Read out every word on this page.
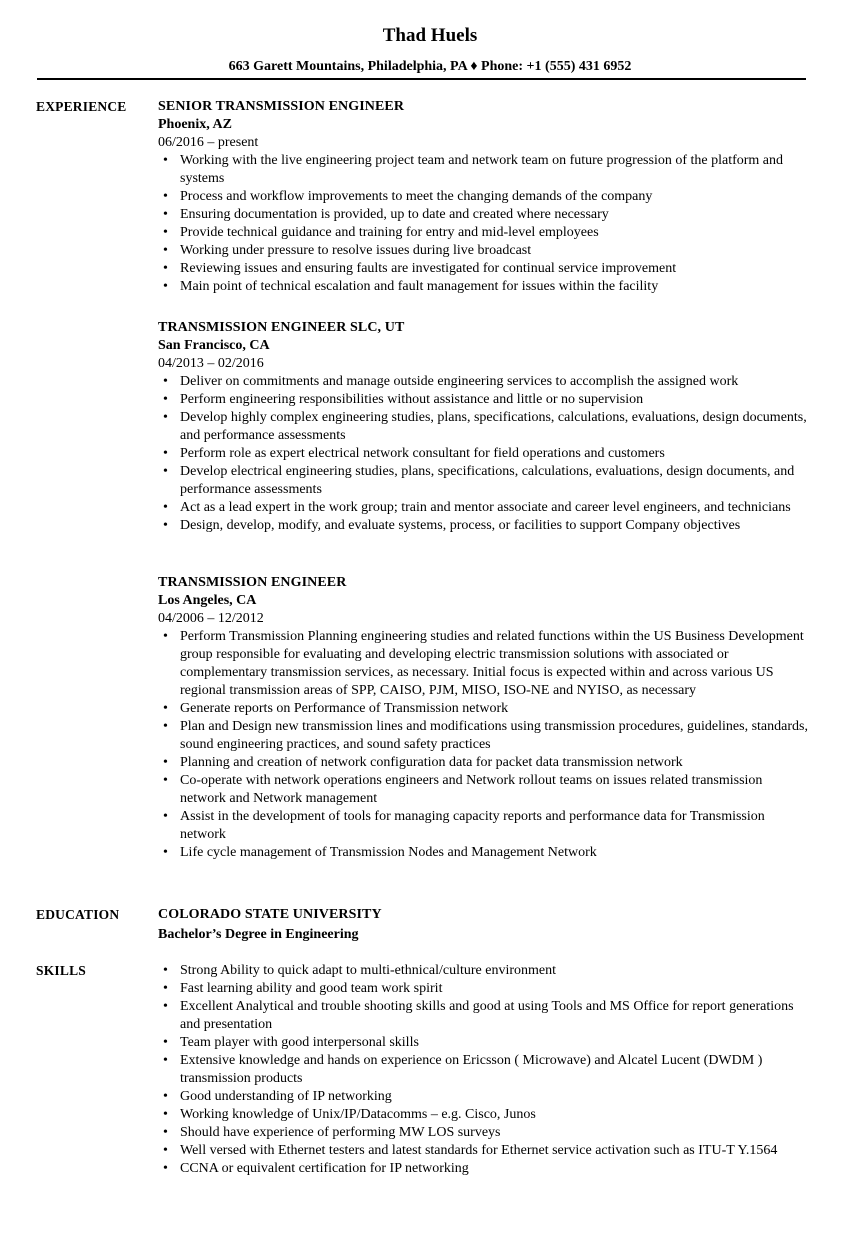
Thad Huels
663 Garett Mountains, Philadelphia, PA ♦ Phone: +1 (555) 431 6952
EXPERIENCE SENIOR TRANSMISSION ENGINEER
Phoenix, AZ
06/2016 – present
• Working with the live engineering project team and network team on future progression of the platform and systems
• Process and workflow improvements to meet the changing demands of the company
• Ensuring documentation is provided, up to date and created where necessary
• Provide technical guidance and training for entry and mid-level employees
• Working under pressure to resolve issues during live broadcast
• Reviewing issues and ensuring faults are investigated for continual service improvement
• Main point of technical escalation and fault management for issues within the facility
TRANSMISSION ENGINEER SLC, UT
San Francisco, CA
04/2013 – 02/2016
• Deliver on commitments and manage outside engineering services to accomplish the assigned work
• Perform engineering responsibilities without assistance and little or no supervision
• Develop highly complex engineering studies, plans, specifications, calculations, evaluations, design documents, and performance assessments
• Perform role as expert electrical network consultant for field operations and customers
• Develop electrical engineering studies, plans, specifications, calculations, evaluations, design documents, and performance assessments
• Act as a lead expert in the work group; train and mentor associate and career level engineers, and technicians
• Design, develop, modify, and evaluate systems, process, or facilities to support Company objectives
TRANSMISSION ENGINEER
Los Angeles, CA
04/2006 – 12/2012
• Perform Transmission Planning engineering studies and related functions within the US Business Development group responsible for evaluating and developing electric transmission solutions with associated or complementary transmission services, as necessary. Initial focus is expected within and across various US regional transmission areas of SPP, CAISO, PJM, MISO, ISO-NE and NYISO, as necessary
• Generate reports on Performance of Transmission network
• Plan and Design new transmission lines and modifications using transmission procedures, guidelines, standards, sound engineering practices, and sound safety practices
• Planning and creation of network configuration data for packet data transmission network
• Co-operate with network operations engineers and Network rollout teams on issues related transmission network and Network management
• Assist in the development of tools for managing capacity reports and performance data for Transmission network
• Life cycle management of Transmission Nodes and Management Network
EDUCATION	COLORADO STATE UNIVERSITY
Bachelor’s Degree in Engineering
SKILLS	• Strong Ability to quick adapt to multi-ethnical/culture environment
• Fast learning ability and good team work spirit
• Excellent Analytical and trouble shooting skills and good at using Tools and MS Office for report generations and presentation
• Team player with good interpersonal skills
• Extensive knowledge and hands on experience on Ericsson ( Microwave) and Alcatel Lucent (DWDM ) transmission products
• Good understanding of IP networking
• Working knowledge of Unix/IP/Datacomms – e.g. Cisco, Junos
• Should have experience of performing MW LOS surveys
• Well versed with Ethernet testers and latest standards for Ethernet service activation such as ITU-T Y.1564
• CCNA or equivalent certification for IP networking
